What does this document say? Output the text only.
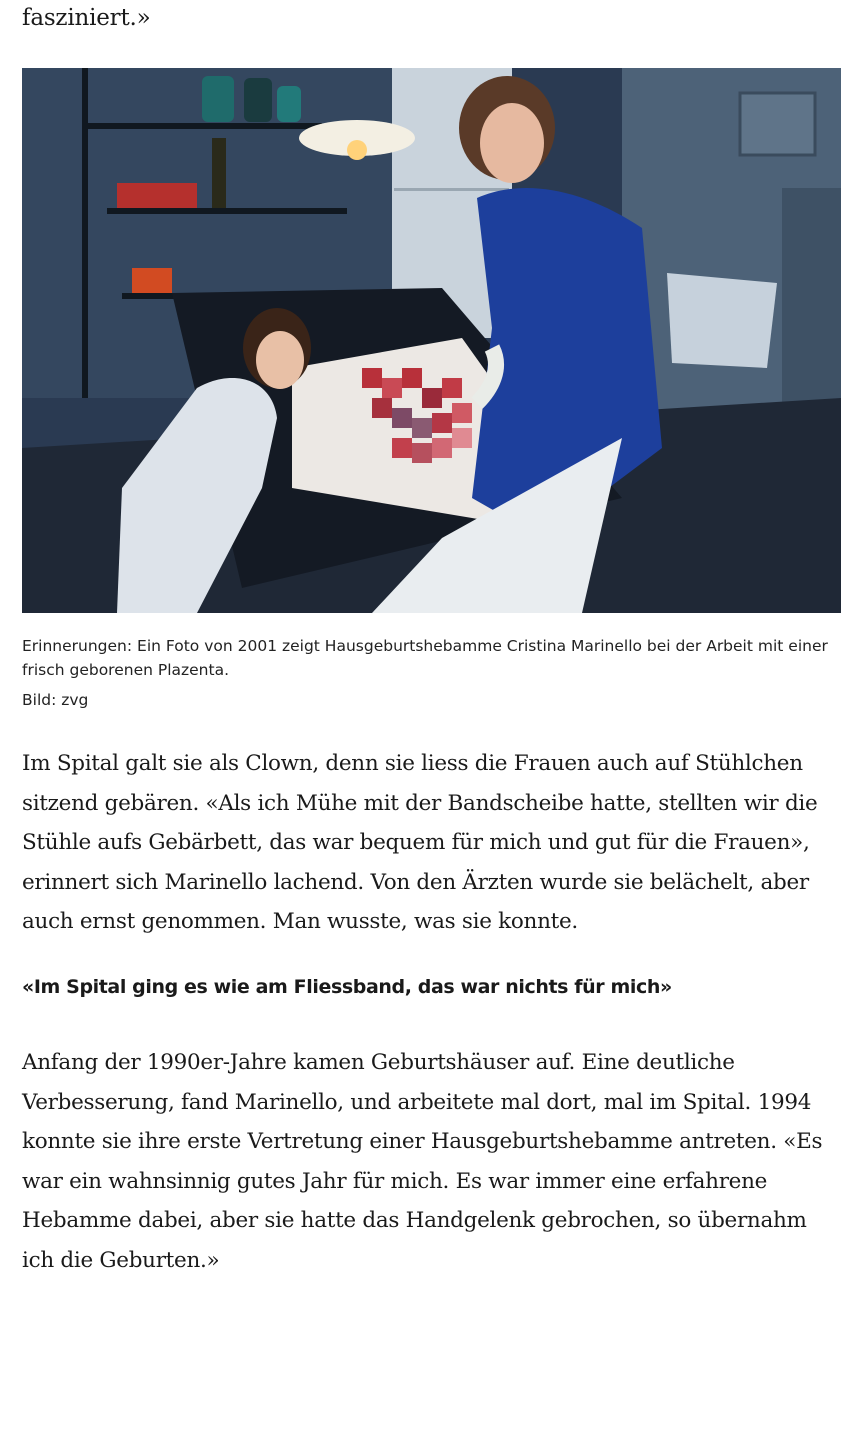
fasziniert.»

Erinnerungen: Ein Foto von 2001 zeigt Hausgeburtshebamme Cristina Marinello bei der Arbeit mit einer frisch geborenen Plazenta.

Bild: zvg

Im Spital galt sie als Clown, denn sie liess die Frauen auch auf Stühlchen sitzend gebären. «Als ich Mühe mit der Bandscheibe hatte, stellten wir die Stühle aufs Gebärbett, das war bequem für mich und gut für die Frauen», erinnert sich Marinello lachend. Von den Ärzten wurde sie belächelt, aber auch ernst genommen. Man wusste, was sie konnte.

«Im Spital ging es wie am Fliessband, das war nichts für mich»

Anfang der 1990er-Jahre kamen Geburtshäuser auf. Eine deutliche Verbesserung, fand Marinello, und arbeitete mal dort, mal im Spital. 1994 konnte sie ihre erste Vertretung einer Hausgeburtshebamme antreten. «Es war ein wahnsinnig gutes Jahr für mich. Es war immer eine erfahrene Hebamme dabei, aber sie hatte das Handgelenk gebrochen, so übernahm ich die Geburten.»
